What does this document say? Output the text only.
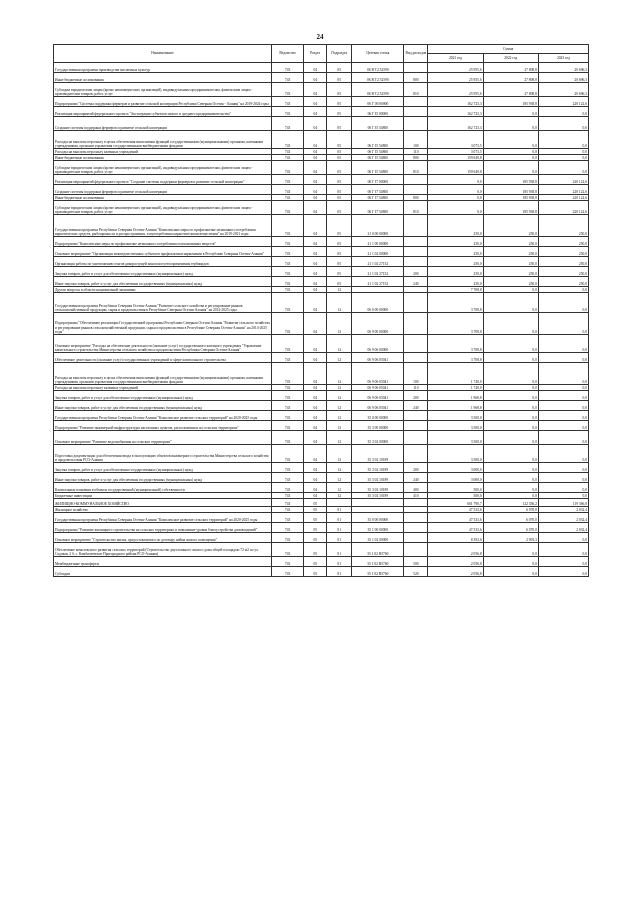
24
Наименование	Ведомство	Раздел	Подраздел	Целевая статья	Вид расходов	Сумма		
						2021 год	2022 год	2023 год
Государственная программа производства масличных культур	743	04	05	06 В Т2 52590		25 955,6	27 808,8	20 696,3
Иные бюджетные ассигнования	743	04	05	06 В Т2 52590	800	25 955,6	27 808,8	20 696,3
Субсидии юридическим лицам (кроме некоммерческих организаций), индивидуальным предпринимателям, физическим лицам - производителям товаров, работ, услуг	743	04	05	06 В Т2 52590	810	25 955,6	27 808,8	20 696,3
Подпрограмма "Системы поддержки фермеров и развитие сельской кооперации Республики Северная Осетия - Алания" на 2019-2024 годы	743	04	05	06 Г 00 00000		162 723,3	185 938,8	220 122,6
Реализация мероприятий федерального проекта "Акселерация субъектов малого и среднего предпринимательства"	743	04	05	06 Г I5 00000		162 723,3	0,0	0,0
Создание системы поддержки фермеров и развитие сельской кооперации	743	04	05	06 Г I5 54800		162 723,3	0,0	0,0
Расходы на выплаты персоналу в целях обеспечения выполнения функций государственными (муниципальными) органами, казенными учреждениями, органами управления государственными внебюджетными фондами	743	04	05	06 Г I5 54800	100	3 073,5	0,0	0,0
Расходы на выплаты персоналу казенных учреждений	743	04	05	06 Г I5 54800	110	3 073,5	0,0	0,0
Иные бюджетные ассигнования	743	04	05	06 Г I5 54800	800	159 649,8	0,0	0,0
Субсидии юридическим лицам (кроме некоммерческих организаций), индивидуальным предпринимателям, физическим лицам - производителям товаров, работ, услуг	743	04	05	06 Г I5 54800	810	159 649,8	0,0	0,0
Реализация мероприятий федерального проекта "Создание системы поддержки фермеров и развитие сельской кооперации"	743	04	05	06 Г I7 00000		0,0	185 938,8	220 122,6
Создание системы поддержки фермеров и развитие сельской кооперации	743	04	05	06 Г I7 54800		0,0	185 938,8	220 122,6
Иные бюджетные ассигнования	743	04	05	06 Г I7 54800	800	0,0	185 938,8	220 122,6
Субсидии юридическим лицам (кроме некоммерческих организаций), индивидуальным предпринимателям, физическим лицам - производителям товаров, работ, услуг	743	04	05	06 Г I7 54800	810	0,0	185 938,8	220 122,6
Государственная программа Республики Северная Осетия-Алания "Комплексные меры по профилактике незаконного потребления наркотических средств, рыбопромысла и распространения, злоупотребления наркотическими веществами" на 2019-2021 годы	743	04	05	21 0 00 00000		250,0	250,0	250,0
Подпрограмма "Комплексные меры по профилактике незаконного потребления психоактивных веществ"	743	04	05	21 1 00 00000		250,0	250,0	250,0
Основное мероприятие "Организация межведомственных субъектов профилактики наркомании в Республике Северная Осетия-Алания"	743	04	05	21 1 02 00000		250,0	250,0	250,0
Организация работы по уничтожению очагов дикорастущей конопли путем применения гербицидов	743	04	05	21 1 02 27152		250,0	250,0	250,0
Закупка товаров, работ и услуг для обеспечения государственных (муниципальных) нужд	743	04	05	21 1 02 27152	200	250,0	250,0	250,0
Иные закупки товаров, работ и услуг для обеспечения государственных (муниципальных) нужд	743	04	05	21 1 02 27152	240	250,0	250,0	250,0
Другие вопросы в области национальной экономики	743	04	12			7 708,8	0,0	0,0
Государственная программа Республики Северная Осетия-Алания "Развитие сельского хозяйства и регулирование рынков сельскохозяйственной продукции, сырья и продовольствия в Республике Северная Осетия-Алания" на 2014-2025 годы	743	04	12	06 0 00 00000		3 708,8	0,0	0,0
Подпрограмма "Обеспечение реализации Государственной программы Республики Северная Осетия-Алания "Развитие сельского хозяйства и регулирование рынков сельскохозяйственной продукции, сырья и продовольствия в Республике Северная Осетия-Алания" на 2014-2025 годы"	743	04	12	06 9 00 00000		3 708,8	0,0	0,0
Основное мероприятие "Расходы на обеспечение деятельности (оказание услуг) государственного казенного учреждения "Управление капитального строительства Министерства сельского хозяйства и продовольствия Республики Северная Осетия-Алания"	743	04	12	06 9 06 00000		3 708,8	0,0	0,0
Обеспечение деятельности (оказание услуг) государственных учреждений в сфере капитального строительства	743	04	12	06 9 06 05041		3 708,8	0,0	0,0
Расходы на выплаты персоналу в целях обеспечения выполнения функций государственными (муниципальными) органами, казенными учреждениями, органами управления государственными внебюджетными фондами	743	04	12	06 9 06 05041	100	1 740,0	0,0	0,0
Расходы на выплаты персоналу казенных учреждений	743	04	12	06 9 06 05041	110	1 740,0	0,0	0,0
Закупка товаров, работ и услуг для обеспечения государственных (муниципальных) нужд	743	04	12	06 9 06 05041	200	1 968,8	0,0	0,0
Иные закупки товаров, работ и услуг для обеспечения государственных (муниципальных) нужд	743	04	12	06 9 06 05041	240	1 968,8	0,0	0,0
Государственная программа Республики Северная Осетия-Алания "Комплексное развитие сельских территорий" на 2020-2025 годы	743	04	12	35 0 00 00000		3 500,0	0,0	0,0
Подпрограмма "Развитие инженерной инфраструктуры населенных пунктов, расположенных на сельских территориях"	743	04	12	35 3 00 00000		3 500,0	0,0	0,0
Основное мероприятие "Развитие водоснабжения на сельских территориях"	743	04	12	35 3 02 00000		3 500,0	0,0	0,0
Подготовка документации для обеспечения ввода в эксплуатацию объектов инженерного строительства Министерства сельского хозяйства и продовольствия РСО-Алания	743	04	12	35 3 02 10189		3 500,0	0,0	0,0
Закупка товаров, работ и услуг для обеспечения государственных (муниципальных) нужд	743	04	12	35 3 02 10189	200	3 000,0	0,0	0,0
Иные закупки товаров, работ и услуг для обеспечения государственных (муниципальных) нужд	743	04	12	35 3 02 10189	240	3 000,0	0,0	0,0
Капитальные вложения в объекты государственной (муниципальной) собственности	743	04	12	35 3 02 10189	400	500,0	0,0	0,0
Бюджетные инвестиции	743	04	12	35 3 02 10189	410	500,0	0,0	0,0
ЖИЛИЩНО-КОММУНАЛЬНОЕ ХОЗЯЙСТВО	743	05				601 790,7	122 356,2	119 366,8
Жилищное хозяйство	743	05	01			47 533,6	6 070,0	2 032,4
Государственная программа Республики Северная Осетия-Алания "Комплексное развитие сельских территорий" на 2020-2025 годы	743	05	01	35 0 00 00000		47 533,6	6 070,0	2 032,4
Подпрограмма "Развитие жилищного строительства на сельских территориях и повышение уровня благоустройства домовладений"	743	05	01	35 1 00 00000		47 533,6	6 070,0	2 032,4
Основное мероприятие "Строительство жилья, предоставляемого по договору найма жилого помещения"	743	05	01	35 1 02 00000		8 392,6	2 903,3	0,0
Обеспечение комплексного развития сельских территорий (Строительство двухэтажного жилого дома общей площадью 72 м2 по ул. Садовая, 2 б, с. Камбилеевское Пригородного района РСО-Алания)	743	05	01	35 1 02 R5760		2 056,8	0,0	0,0
Межбюджетные трансферты	743	05	01	35 1 02 R5760	500	2 056,8	0,0	0,0
Субсидии	743	05	01	35 1 02 R5760	520	2 056,8	0,0	0,0
